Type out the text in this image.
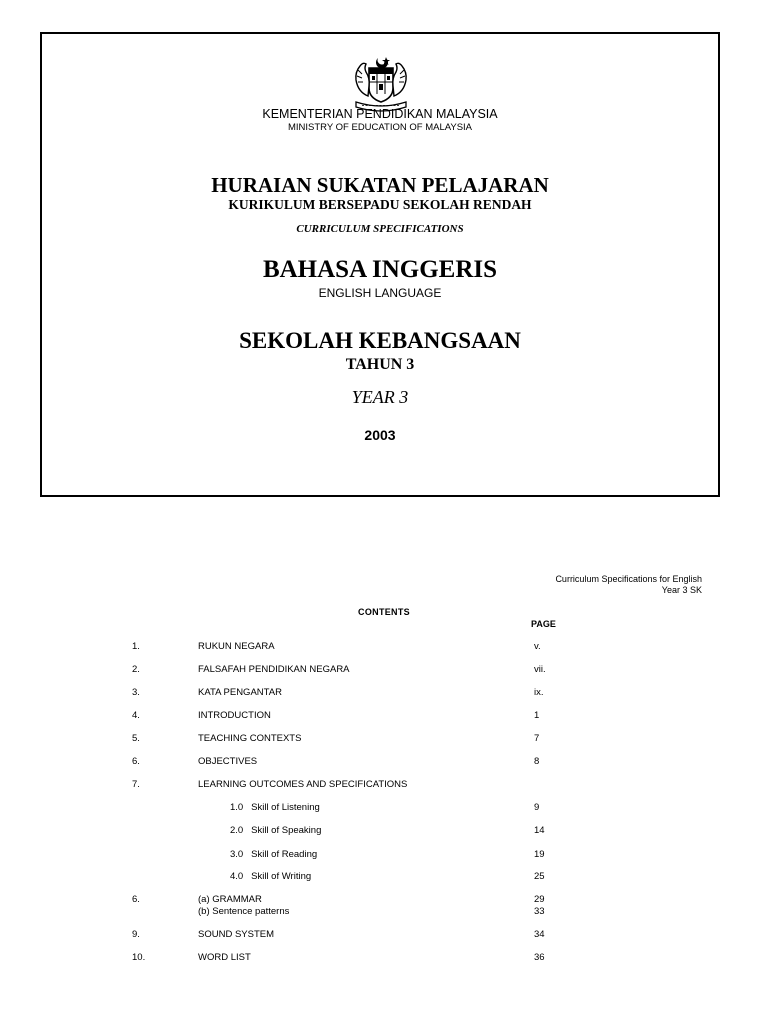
KEMENTERIAN PENDIDIKAN MALAYSIA
MINISTRY OF EDUCATION OF MALAYSIA
HURAIAN SUKATAN PELAJARAN
KURIKULUM BERSEPADU SEKOLAH RENDAH
CURRICULUM SPECIFICATIONS
BAHASA INGGERIS
ENGLISH LANGUAGE
SEKOLAH KEBANGSAAN
TAHUN 3
YEAR 3
2003
Curriculum Specifications for English
Year 3 SK
CONTENTS
PAGE
1.	RUKUN NEGARA	v.
2.	FALSAFAH PENDIDIKAN NEGARA	vii.
3.	KATA PENGANTAR	ix.
4.	INTRODUCTION	1
5.	TEACHING CONTEXTS	7
6.	OBJECTIVES	8
7.	LEARNING OUTCOMES AND SPECIFICATIONS
1.0   Skill of Listening	9
2.0   Skill of Speaking	14
3.0   Skill of Reading	19
4.0   Skill of Writing	25
6.	(a) GRAMMAR	29
(b) Sentence patterns	33
9.	SOUND SYSTEM	34
10.	WORD LIST	36
